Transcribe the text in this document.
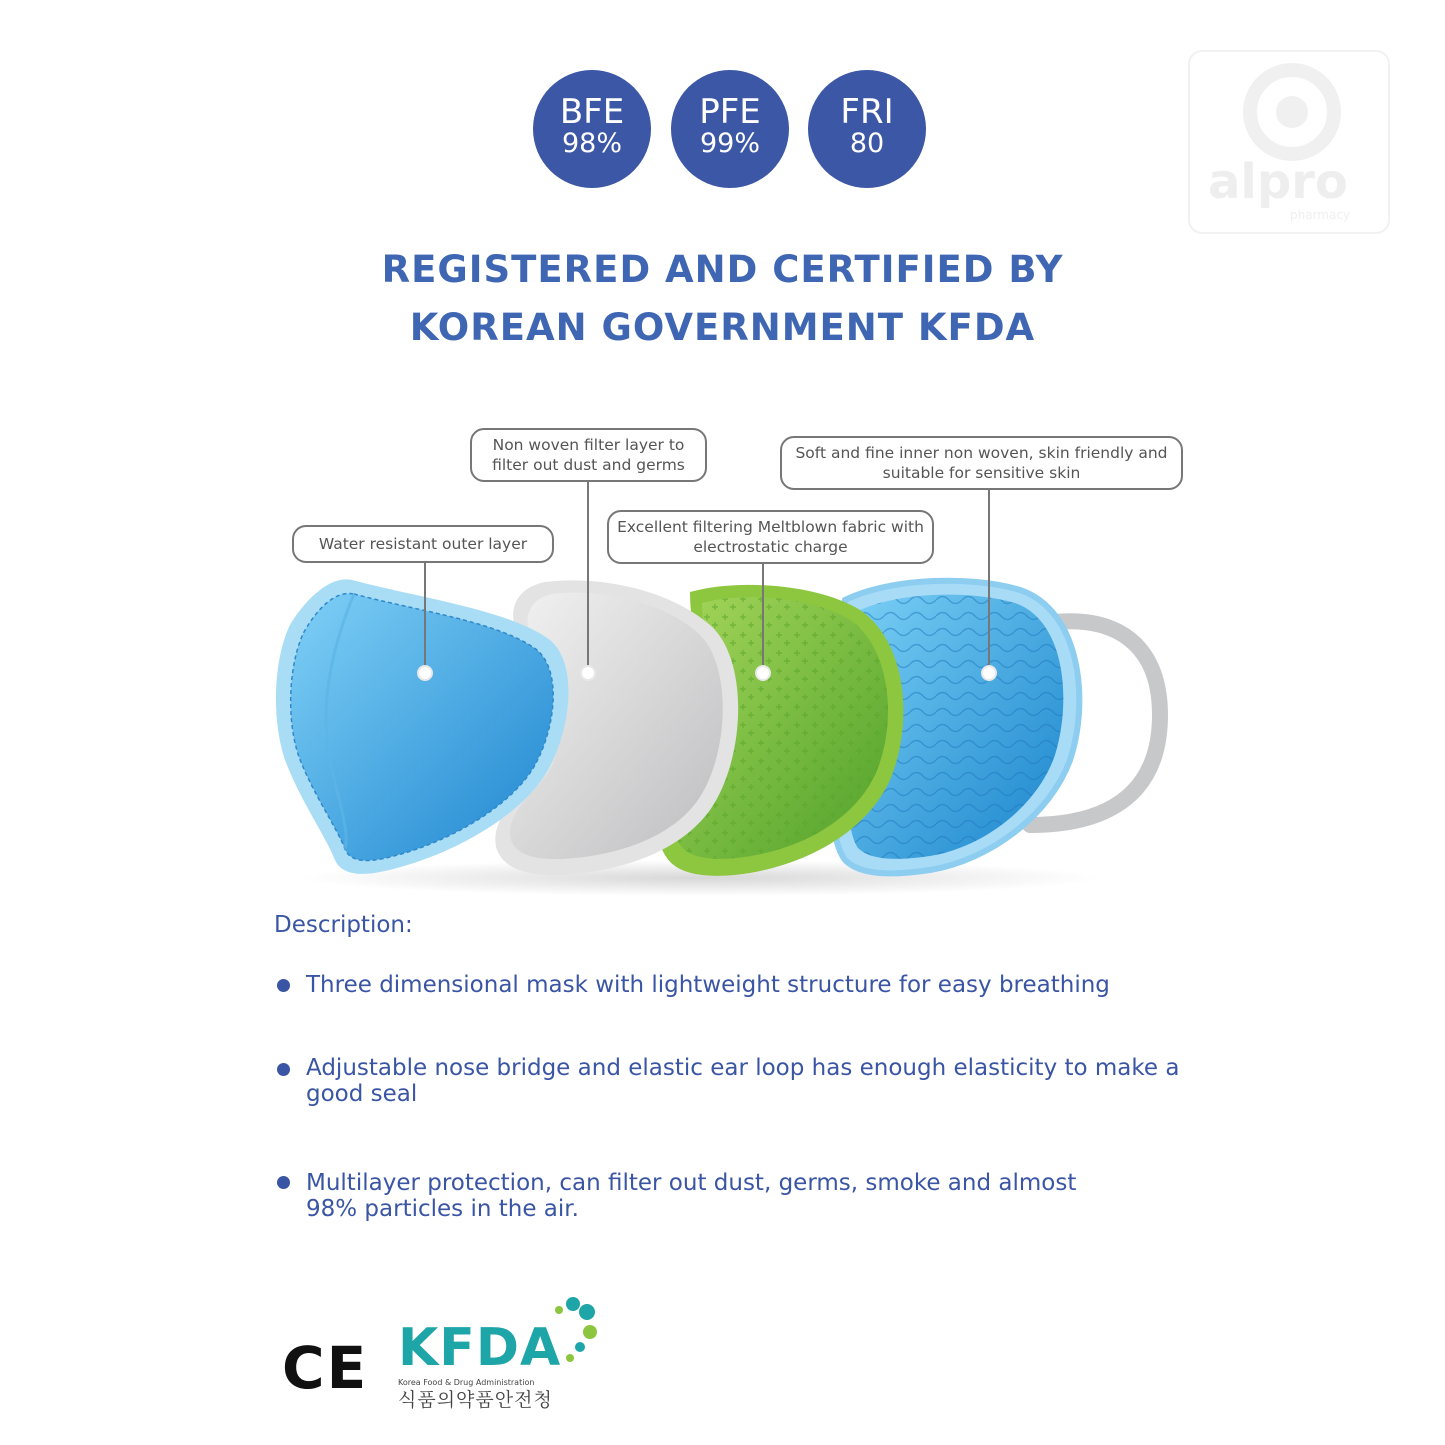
BFE
98%
PFE
99%
FRI
80
alpro
pharmacy
REGISTERED AND CERTIFIED BY
KOREAN GOVERNMENT KFDA
Water resistant outer layer
Non woven filter layer to filter out dust and germs
Excellent filtering Meltblown fabric with electrostatic charge
Soft and fine inner non woven, skin friendly and suitable for sensitive skin
Description:
Three dimensional mask with lightweight structure for easy breathing
Adjustable nose bridge and elastic ear loop has enough elasticity to make a good seal
Multilayer protection, can filter out dust, germs, smoke and almost 98% particles in the air.
CE KFDA
Korea Food & Drug Administration
식품의약품안전청
